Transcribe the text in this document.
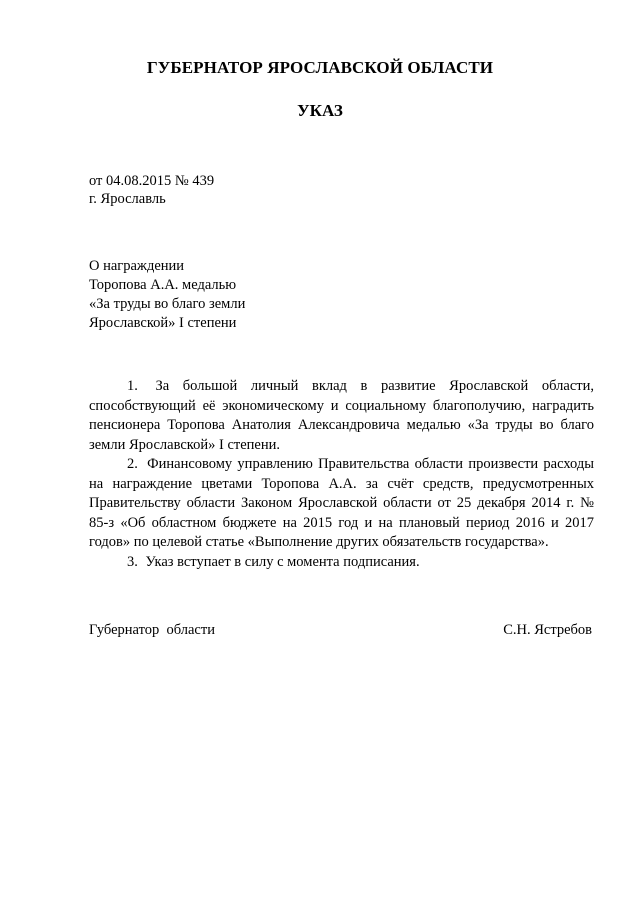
ГУБЕРНАТОР ЯРОСЛАВСКОЙ ОБЛАСТИ
УКАЗ
от 04.08.2015 № 439
г. Ярославль
О награждении
Торопова А.А. медалью
«За труды во благо земли
Ярославской» I степени

1. За большой личный вклад в развитие Ярославской области, способствующий её экономическому и социальному благополучию, наградить пенсионера Торопова Анатолия Александровича медалью «За труды во благо земли Ярославской» I степени.

2. Финансовому управлению Правительства области произвести расходы на награждение цветами Торопова А.А. за счёт средств, предусмотренных Правительству области Законом Ярославской области от 25 декабря 2014 г. № 85-з «Об областном бюджете на 2015 год и на плановый период 2016 и 2017 годов» по целевой статье «Выполнение других обязательств государства».

3. Указ вступает в силу с момента подписания.

Губернатор  области	С.Н. Ястребов
